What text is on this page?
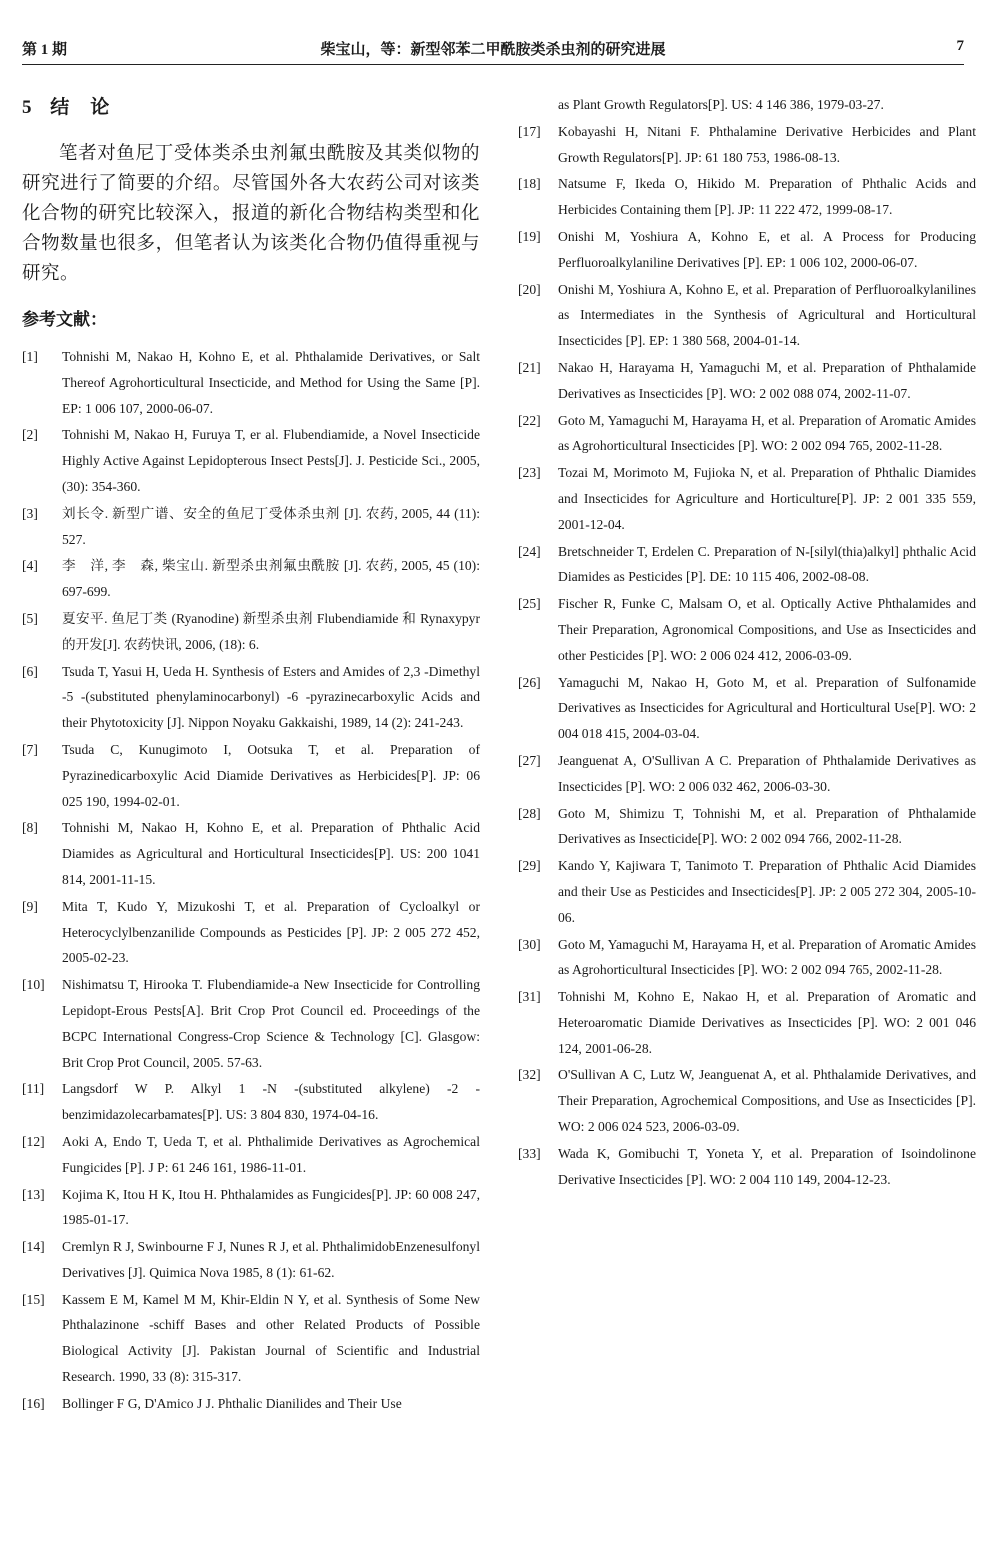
第 1 期	柴宝山，等：新型邻苯二甲酰胺类杀虫剂的研究进展	7
5 结　论

笔者对鱼尼丁受体类杀虫剂氟虫酰胺及其类似物的研究进行了简要的介绍。尽管国外各大农药公司对该类化合物的研究比较深入，报道的新化合物结构类型和化合物数量也很多，但笔者认为该类化合物仍值得重视与研究。

参考文献：
[1]	Tohnishi M, Nakao H, Kohno E, et al. Phthalamide Derivatives, or Salt Thereof Agrohorticultural Insecticide, and Method for Using the Same [P]. EP: 1 006 107, 2000-06-07.
[2]	Tohnishi M, Nakao H, Furuya T, er al. Flubendiamide, a Novel Insecticide Highly Active Against Lepidopterous Insect Pests[J]. J. Pesticide Sci., 2005, (30): 354-360.
[3]	刘长令. 新型广谱、安全的鱼尼丁受体杀虫剂 [J]. 农药, 2005, 44 (11): 527.
[4]	李　洋, 李　森, 柴宝山. 新型杀虫剂氟虫酰胺 [J]. 农药, 2005, 45 (10): 697-699.
[5]	夏安平. 鱼尼丁类 (Ryanodine) 新型杀虫剂 Flubendiamide 和 Rynaxypyr 的开发[J]. 农药快讯, 2006, (18): 6.
[6]	Tsuda T, Yasui H, Ueda H. Synthesis of Esters and Amides of 2,3 -Dimethyl -5 -(substituted phenylaminocarbonyl) -6 -pyrazinecarboxylic Acids and their Phytotoxicity [J]. Nippon Noyaku Gakkaishi, 1989, 14 (2): 241-243.
[7]	Tsuda C, Kunugimoto I, Ootsuka T, et al. Preparation of Pyrazinedicarboxylic Acid Diamide Derivatives as Herbicides[P]. JP: 06 025 190, 1994-02-01.
[8]	Tohnishi M, Nakao H, Kohno E, et al. Preparation of Phthalic Acid Diamides as Agricultural and Horticultural Insecticides[P]. US: 200 1041 814, 2001-11-15.
[9]	Mita T, Kudo Y, Mizukoshi T, et al. Preparation of Cycloalkyl or Heterocyclylbenzanilide Compounds as Pesticides [P]. JP: 2 005 272 452, 2005-02-23.
[10]	Nishimatsu T, Hirooka T. Flubendiamide-a New Insecticide for Controlling Lepidopt-Erous Pests[A]. Brit Crop Prot Council ed. Proceedings of the BCPC International Congress-Crop Science & Technology [C]. Glasgow: Brit Crop Prot Council, 2005. 57-63.
[11]	Langsdorf W P. Alkyl 1 -N -(substituted alkylene) -2 -benzimidazolecarbamates[P]. US: 3 804 830, 1974-04-16.
[12]	Aoki A, Endo T, Ueda T, et al. Phthalimide Derivatives as Agrochemical Fungicides [P]. J P: 61 246 161, 1986-11-01.
[13]	Kojima K, Itou H K, Itou H. Phthalamides as Fungicides[P]. JP: 60 008 247, 1985-01-17.
[14]	Cremlyn R J, Swinbourne F J, Nunes R J, et al. PhthalimidobEnzenesulfonyl Derivatives [J]. Quimica Nova 1985, 8 (1): 61-62.
[15]	Kassem E M, Kamel M M, Khir-Eldin N Y, et al. Synthesis of Some New Phthalazinone -schiff Bases and other Related Products of Possible Biological Activity [J]. Pakistan Journal of Scientific and Industrial Research. 1990, 33 (8): 315-317.
[16]	Bollinger F G, D'Amico J J. Phthalic Dianilides and Their Use
as Plant Growth Regulators[P]. US: 4 146 386, 1979-03-27.
[17]	Kobayashi H, Nitani F. Phthalamine Derivative Herbicides and Plant Growth Regulators[P]. JP: 61 180 753, 1986-08-13.
[18]	Natsume F, Ikeda O, Hikido M. Preparation of Phthalic Acids and Herbicides Containing them [P]. JP: 11 222 472, 1999-08-17.
[19]	Onishi M, Yoshiura A, Kohno E, et al. A Process for Producing Perfluoroalkylaniline Derivatives [P]. EP: 1 006 102, 2000-06-07.
[20]	Onishi M, Yoshiura A, Kohno E, et al. Preparation of Perfluoroalkylanilines as Intermediates in the Synthesis of Agricultural and Horticultural Insecticides [P]. EP: 1 380 568, 2004-01-14.
[21]	Nakao H, Harayama H, Yamaguchi M, et al. Preparation of Phthalamide Derivatives as Insecticides [P]. WO: 2 002 088 074, 2002-11-07.
[22]	Goto M, Yamaguchi M, Harayama H, et al. Preparation of Aromatic Amides as Agrohorticultural Insecticides [P]. WO: 2 002 094 765, 2002-11-28.
[23]	Tozai M, Morimoto M, Fujioka N, et al. Preparation of Phthalic Diamides and Insecticides for Agriculture and Horticulture[P]. JP: 2 001 335 559, 2001-12-04.
[24]	Bretschneider T, Erdelen C. Preparation of N-[silyl(thia)alkyl] phthalic Acid Diamides as Pesticides [P]. DE: 10 115 406, 2002-08-08.
[25]	Fischer R, Funke C, Malsam O, et al. Optically Active Phthalamides and Their Preparation, Agronomical Compositions, and Use as Insecticides and other Pesticides [P]. WO: 2 006 024 412, 2006-03-09.
[26]	Yamaguchi M, Nakao H, Goto M, et al. Preparation of Sulfonamide Derivatives as Insecticides for Agricultural and Horticultural Use[P]. WO: 2 004 018 415, 2004-03-04.
[27]	Jeanguenat A, O'Sullivan A C. Preparation of Phthalamide Derivatives as Insecticides [P]. WO: 2 006 032 462, 2006-03-30.
[28]	Goto M, Shimizu T, Tohnishi M, et al. Preparation of Phthalamide Derivatives as Insecticide[P]. WO: 2 002 094 766, 2002-11-28.
[29]	Kando Y, Kajiwara T, Tanimoto T. Preparation of Phthalic Acid Diamides and their Use as Pesticides and Insecticides[P]. JP: 2 005 272 304, 2005-10-06.
[30]	Goto M, Yamaguchi M, Harayama H, et al. Preparation of Aromatic Amides as Agrohorticultural Insecticides [P]. WO: 2 002 094 765, 2002-11-28.
[31]	Tohnishi M, Kohno E, Nakao H, et al. Preparation of Aromatic and Heteroaromatic Diamide Derivatives as Insecticides [P]. WO: 2 001 046 124, 2001-06-28.
[32]	O'Sullivan A C, Lutz W, Jeanguenat A, et al. Phthalamide Derivatives, and Their Preparation, Agrochemical Compositions, and Use as Insecticides [P]. WO: 2 006 024 523, 2006-03-09.
[33]	Wada K, Gomibuchi T, Yoneta Y, et al. Preparation of Isoindolinone Derivative Insecticides [P]. WO: 2 004 110 149, 2004-12-23.
